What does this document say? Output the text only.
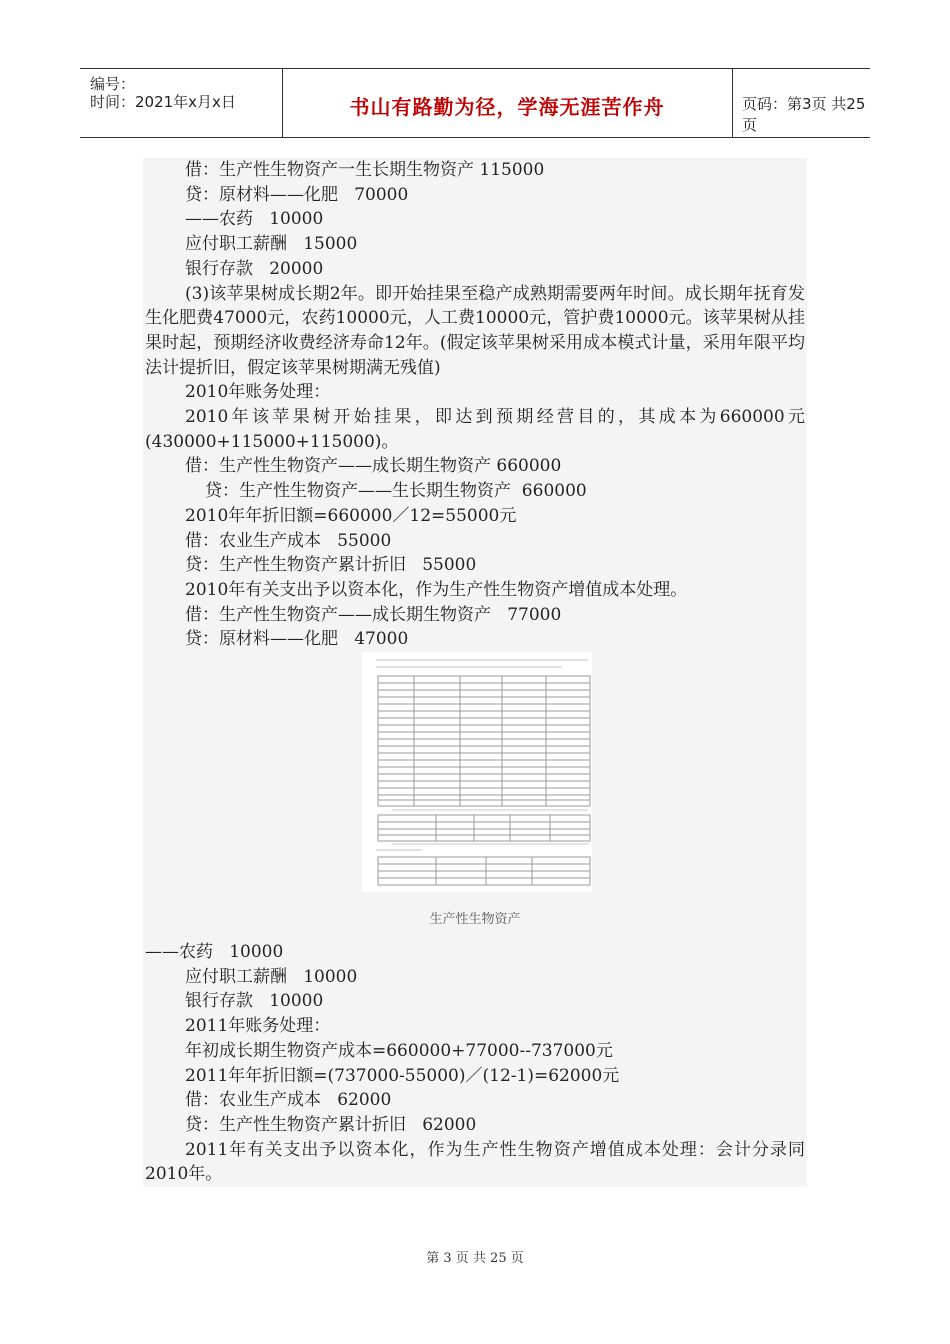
编号：
时间：2021年x月x日	书山有路勤为径，学海无涯苦作舟	页码：第3页 共25页

借：生产性生物资产一生长期生物资产 115000

贷：原材料——化肥   70000

——农药   10000

应付职工薪酬   15000

银行存款   20000

(3)该苹果树成长期2年。即开始挂果至稳产成熟期需要两年时间。成长期年抚育发生化肥费47000元，农药10000元，人工费10000元，管护费10000元。该苹果树从挂果时起，预期经济收费经济寿命12年。(假定该苹果树采用成本模式计量，采用年限平均法计提折旧，假定该苹果树期满无残值)

2010年账务处理：

2010年该苹果树开始挂果，即达到预期经营目的，其成本为660000元(430000+115000+115000)。

借：生产性生物资产——成长期生物资产 660000

贷：生产性生物资产——生长期生物资产  660000

2010年年折旧额=660000／12=55000元

借：农业生产成本   55000

贷：生产性生物资产累计折旧   55000

2010年有关支出予以资本化，作为生产性生物资产增值成本处理。

借：生产性生物资产——成长期生物资产   77000

贷：原材料——化肥   47000

生产性生物资产

——农药   10000

应付职工薪酬   10000

银行存款   10000

2011年账务处理：

年初成长期生物资产成本=660000+77000--737000元

2011年年折旧额=(737000-55000)／(12-1)=62000元

借：农业生产成本   62000

贷：生产性生物资产累计折旧   62000

2011年有关支出予以资本化，作为生产性生物资产增值成本处理：会计分录同2010年。

第 3 页 共 25 页
